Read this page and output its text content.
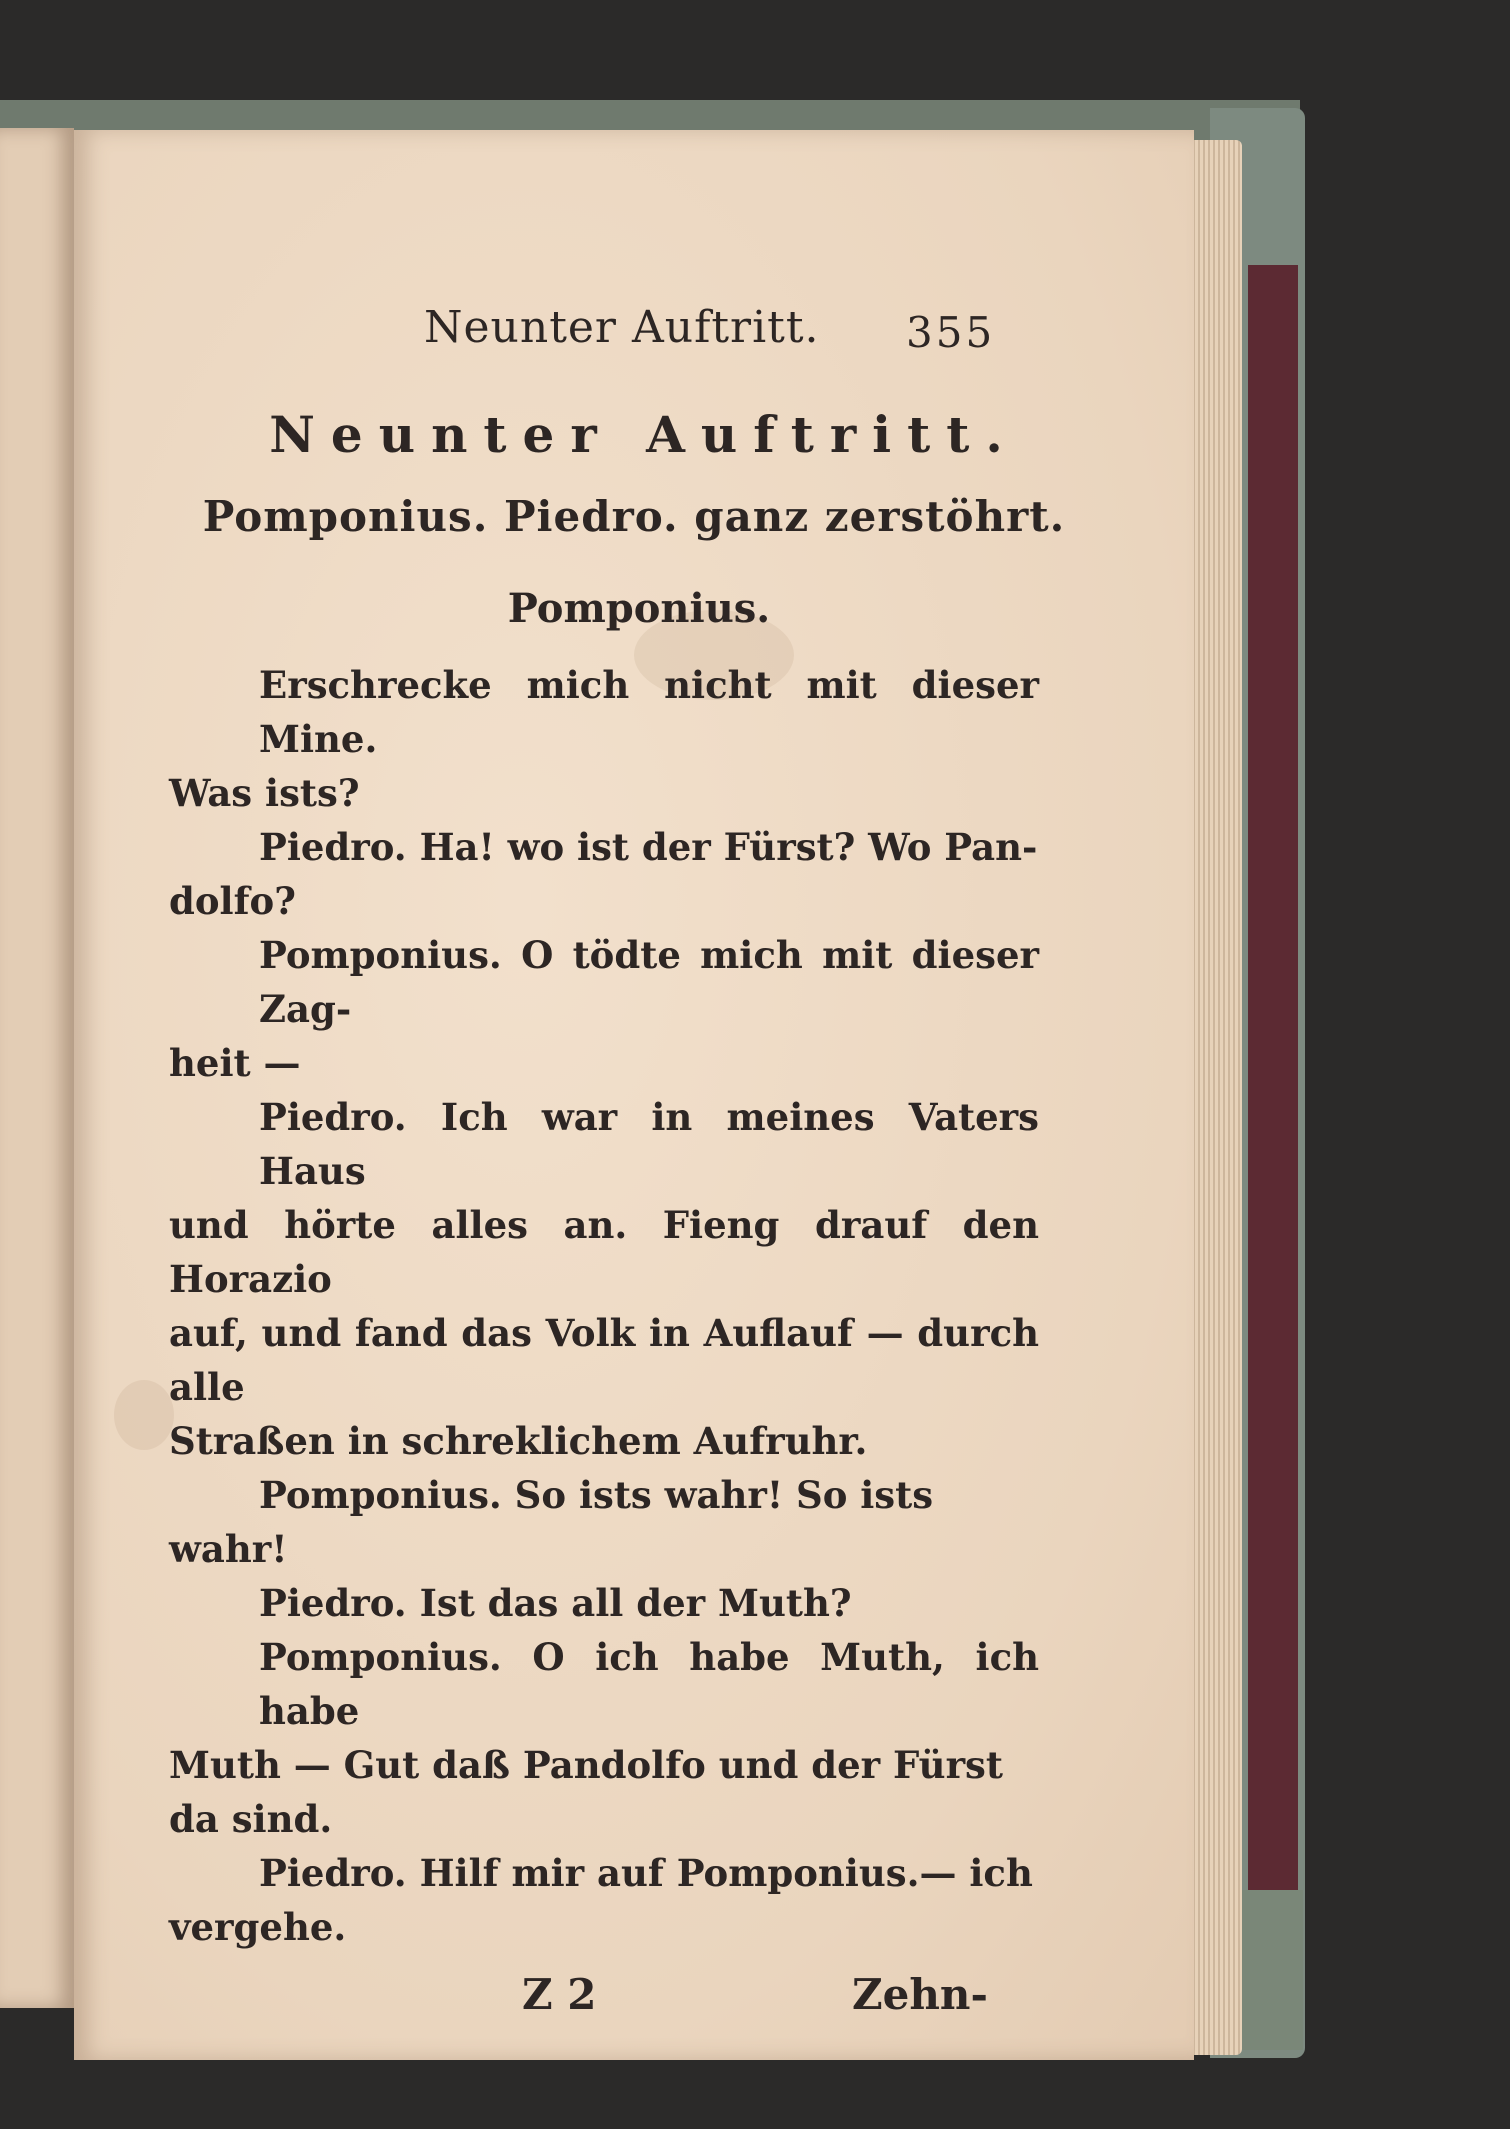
Neunter Auftritt. 355
Neunter Auftritt.
Pomponius. Piedro. ganz zerstöhrt.
Pomponius.
Erschrecke mich nicht mit dieser Mine.
Was ists?
Piedro. Ha! wo ist der Fürst? Wo Pan-
dolfo?
Pomponius. O tödte mich mit dieser Zag-
heit —
Piedro. Ich war in meines Vaters Haus
und hörte alles an. Fieng drauf den Horazio
auf, und fand das Volk in Auflauf — durch alle
Straßen in schreklichem Aufruhr.
Pomponius. So ists wahr! So ists
wahr!
Piedro. Ist das all der Muth?
Pomponius. O ich habe Muth, ich habe
Muth — Gut daß Pandolfo und der Fürst
da sind.
Piedro. Hilf mir auf Pomponius.— ich
vergehe.
Z 2	Zehn-
